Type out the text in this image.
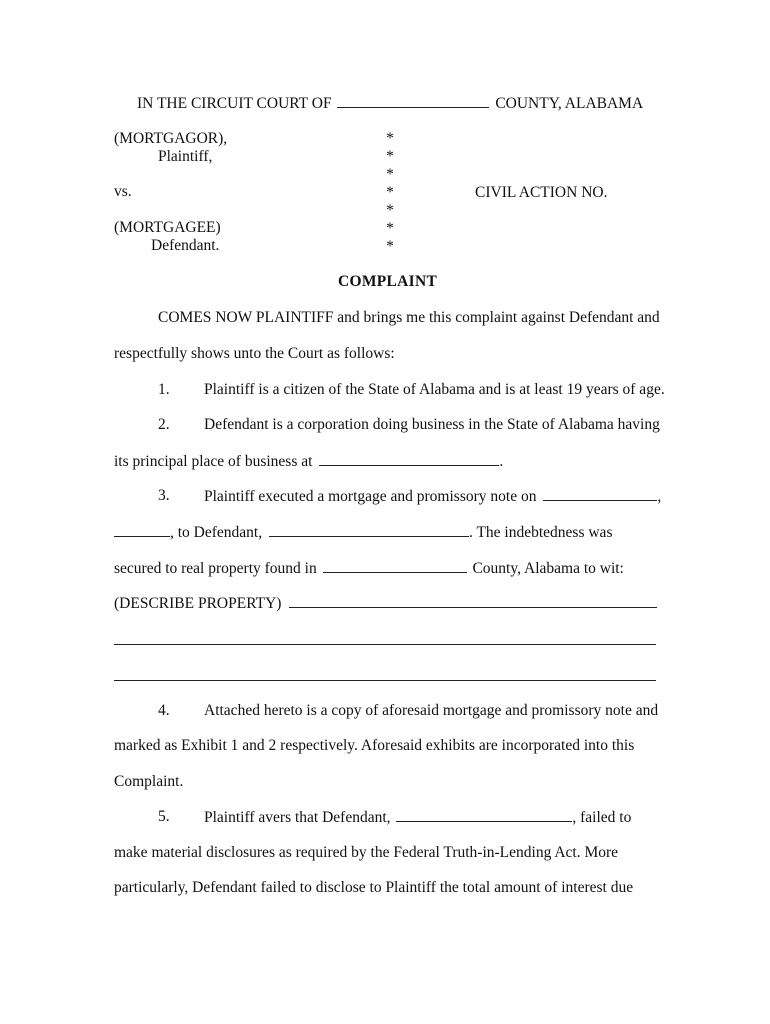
IN THE CIRCUIT COURT OF	COUNTY, ALABAMA
(MORTGAGOR),
Plaintiff,
vs.
(MORTGAGEE)
Defendant.
*
*
*
*
*
*
*
CIVIL ACTION NO.
COMPLAINT
COMES NOW PLAINTIFF and brings me this complaint against Defendant and
respectfully shows unto the Court as follows:
1. Plaintiff is a citizen of the State of Alabama and is at least 19 years of age.
2. Defendant is a corporation doing business in the State of Alabama having
its principal place of business at	.
3. Plaintiff executed a mortgage and promissory note on	,
, to Defendant,	. The indebtedness was
secured to real property found in	County, Alabama to wit:
(DESCRIBE PROPERTY)
4. Attached hereto is a copy of aforesaid mortgage and promissory note and
marked as Exhibit 1 and 2 respectively. Aforesaid exhibits are incorporated into this
Complaint.
5. Plaintiff avers that Defendant,	, failed to
make material disclosures as required by the Federal Truth-in-Lending Act. More
particularly, Defendant failed to disclose to Plaintiff the total amount of interest due
